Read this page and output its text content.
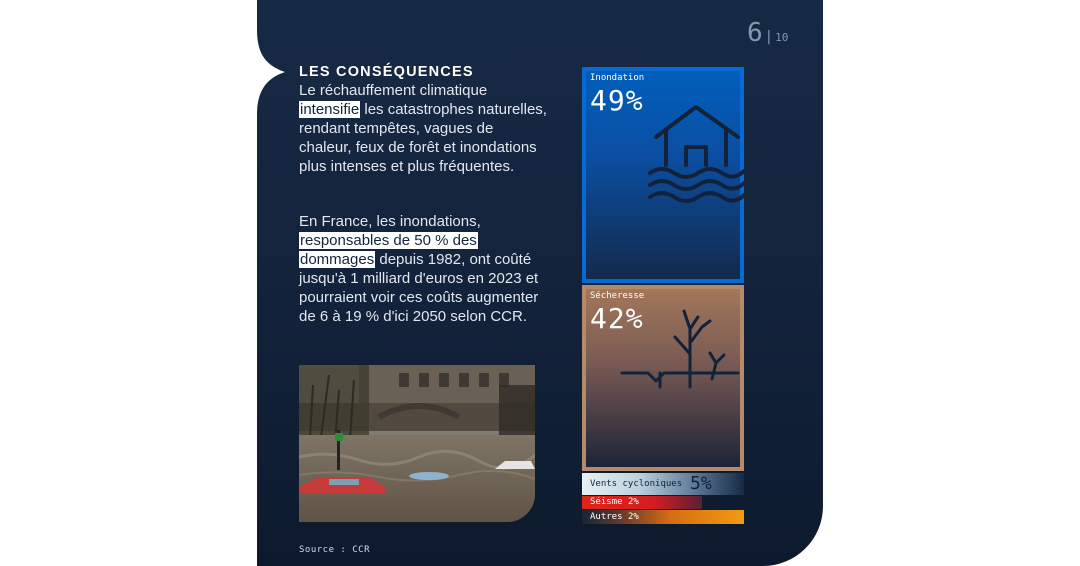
6 | 10
LES CONSÉQUENCES
Le réchauffement climatique intensifie les catastrophes naturelles, rendant tempêtes, vagues de chaleur, feux de forêt et inondations plus intenses et plus fréquentes.
En France, les inondations, responsables de 50 % des dommages depuis 1982, ont coûté jusqu'à 1 milliard d'euros en 2023 et pourraient voir ces coûts augmenter de 6 à 19 % d'ici 2050 selon CCR.
Source : CCR
Inondation
49%
Sécheresse
42%
Vents cycloniques 5%
Séisme 2%
Autres 2%
